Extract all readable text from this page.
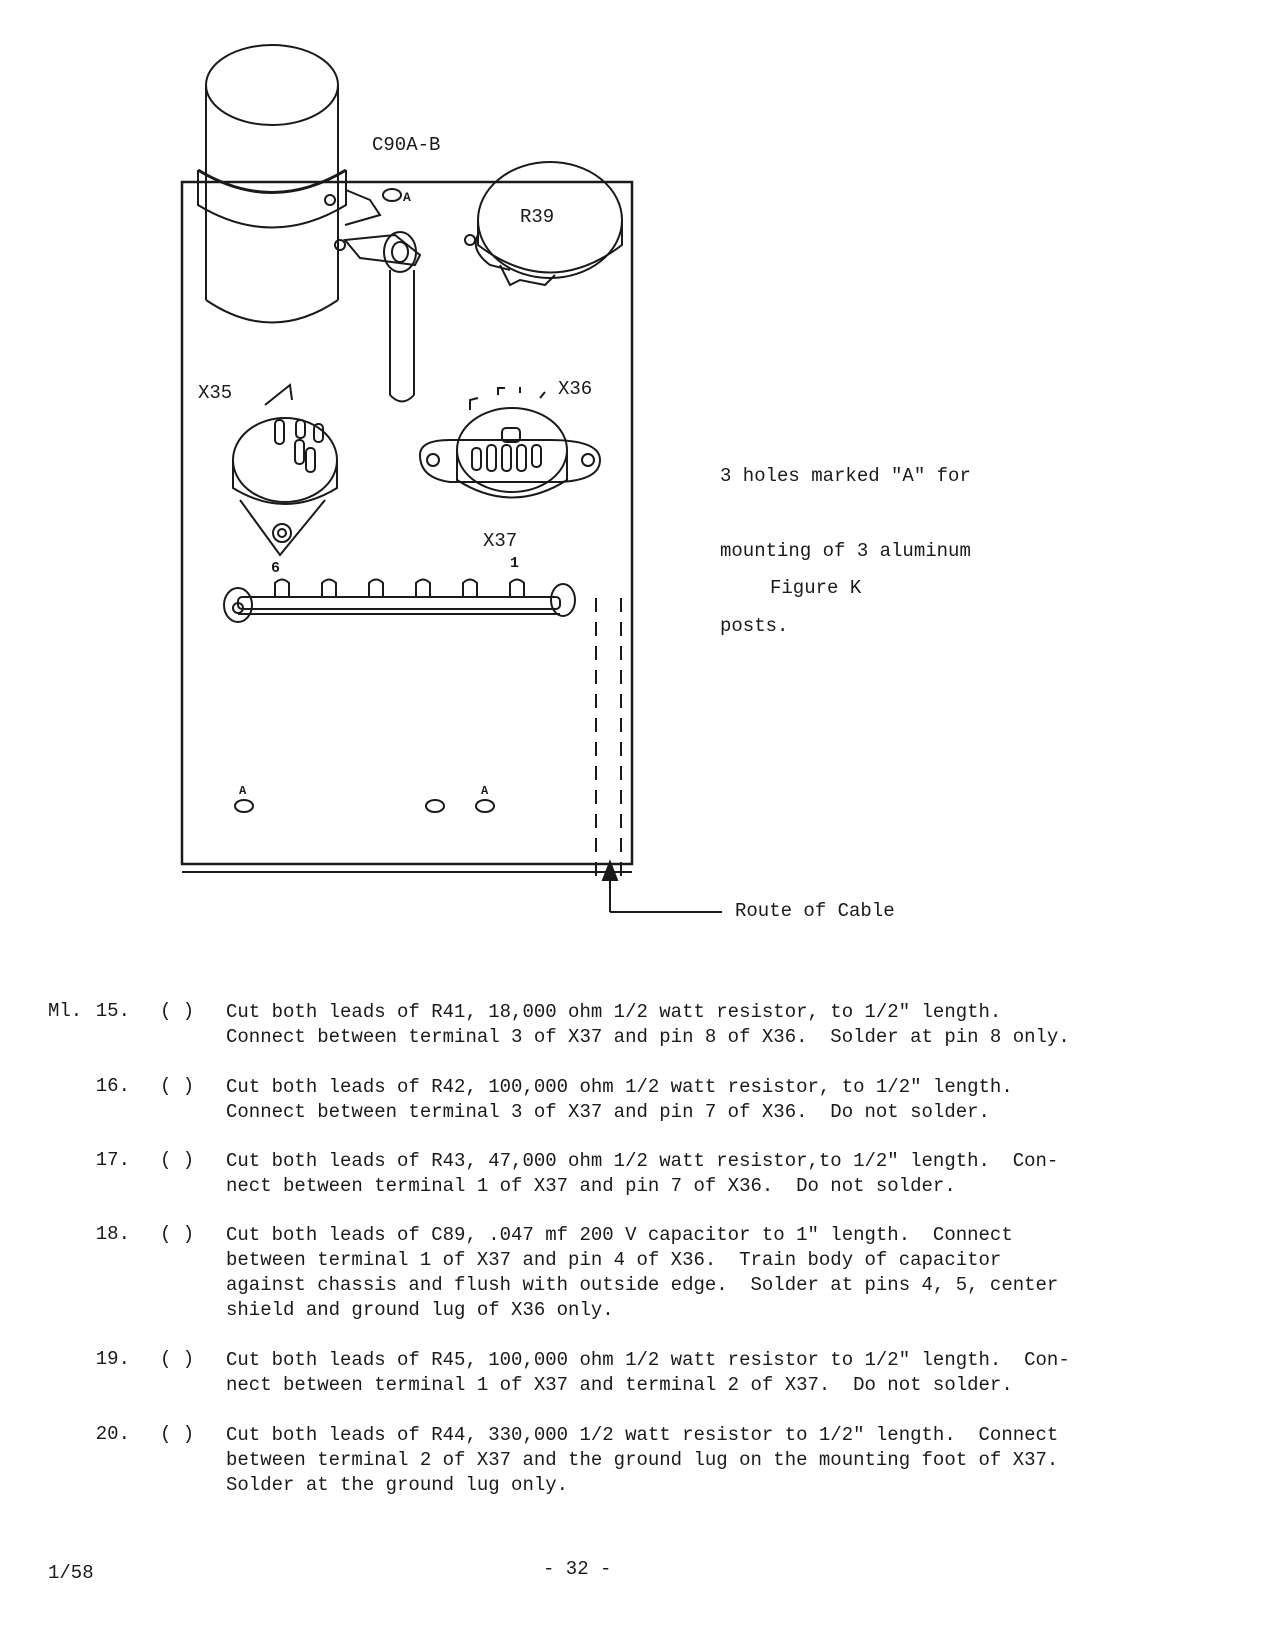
C90A-B
A
R39
X35	X36
X37
6	1
A	A

3 holes marked "A" for

mounting of 3 aluminum

posts.

Figure K
Route of Cable
Ml. 15. ( ) Cut both leads of R41, 18,000 ohm 1/2 watt resistor, to 1/2" length.
Connect between terminal 3 of X37 and pin 8 of X36.  Solder at pin 8 only.
16. ( ) Cut both leads of R42, 100,000 ohm 1/2 watt resistor, to 1/2" length.
Connect between terminal 3 of X37 and pin 7 of X36.  Do not solder.
17. ( ) Cut both leads of R43, 47,000 ohm 1/2 watt resistor,to 1/2" length.  Con-
nect between terminal 1 of X37 and pin 7 of X36.  Do not solder.
18. ( ) Cut both leads of C89, .047 mf 200 V capacitor to 1" length.  Connect
between terminal 1 of X37 and pin 4 of X36.  Train body of capacitor
against chassis and flush with outside edge.  Solder at pins 4, 5, center
shield and ground lug of X36 only.
19. ( ) Cut both leads of R45, 100,000 ohm 1/2 watt resistor to 1/2" length.  Con-
nect between terminal 1 of X37 and terminal 2 of X37.  Do not solder.
20. ( ) Cut both leads of R44, 330,000 1/2 watt resistor to 1/2" length.  Connect
between terminal 2 of X37 and the ground lug on the mounting foot of X37.
Solder at the ground lug only.
1/58	- 32 -
